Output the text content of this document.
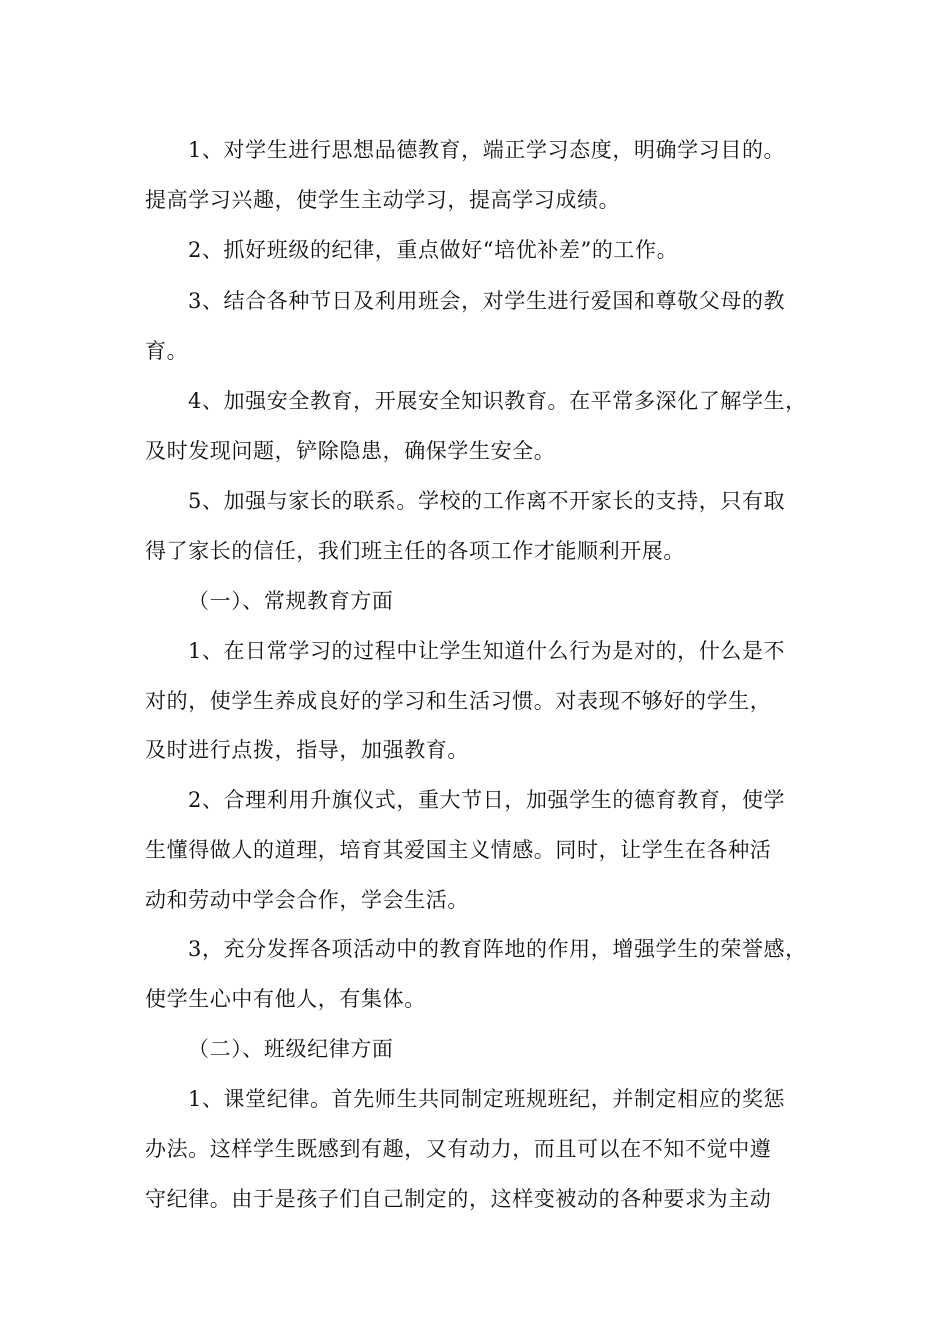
1、对学生进行思想品德教育，端正学习态度，明确学习目的。
提高学习兴趣，使学生主动学习，提高学习成绩。
2、抓好班级的纪律，重点做好“培优补差”的工作。
3、结合各种节日及利用班会，对学生进行爱国和尊敬父母的教
育。
4、加强安全教育，开展安全知识教育。在平常多深化了解学生，
及时发现问题，铲除隐患，确保学生安全。
5、加强与家长的联系。学校的工作离不开家长的支持，只有取
得了家长的信任，我们班主任的各项工作才能顺利开展。
（一）、常规教育方面
1、在日常学习的过程中让学生知道什么行为是对的，什么是不
对的，使学生养成良好的学习和生活习惯。对表现不够好的学生，
及时进行点拨，指导，加强教育。
2、合理利用升旗仪式，重大节日，加强学生的德育教育，使学
生懂得做人的道理，培育其爱国主义情感。同时，让学生在各种活
动和劳动中学会合作，学会生活。
3，充分发挥各项活动中的教育阵地的作用，增强学生的荣誉感，
使学生心中有他人，有集体。
（二）、班级纪律方面
1、课堂纪律。首先师生共同制定班规班纪，并制定相应的奖惩
办法。这样学生既感到有趣，又有动力，而且可以在不知不觉中遵
守纪律。由于是孩子们自己制定的，这样变被动的各种要求为主动
